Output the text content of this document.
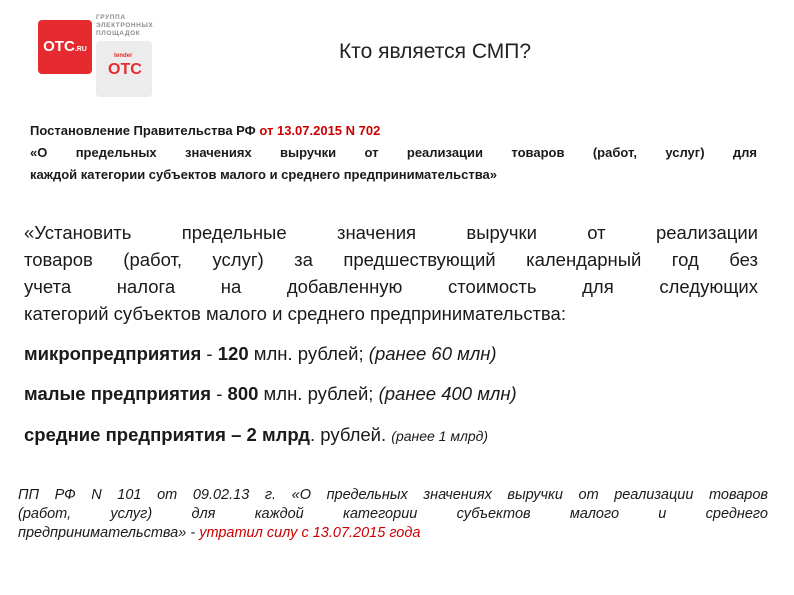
OTC.RU
ГРУППА
ЭЛЕКТРОННЫХ
ПЛОЩАДОК
tender
OTC
Кто является СМП?
Постановление Правительства РФ от 13.07.2015 N 702
«О предельных значениях выручки от реализации товаров (работ, услуг) для
каждой категории субъектов малого и среднего предпринимательства»
«Установить предельные значения выручки от реализации
товаров (работ, услуг) за предшествующий календарный год без
учета налога на добавленную стоимость для следующих
категорий субъектов малого и среднего предпринимательства:
микропредприятия - 120 млн. рублей; (ранее 60 млн)
малые предприятия - 800 млн. рублей; (ранее 400 млн)
средние предприятия – 2 млрд. рублей. (ранее 1 млрд)
ПП РФ N 101 от 09.02.13 г. «О предельных значениях выручки от реализации товаров
(работ, услуг) для каждой категории субъектов малого и среднего
предпринимательства» - утратил силу с 13.07.2015 года
